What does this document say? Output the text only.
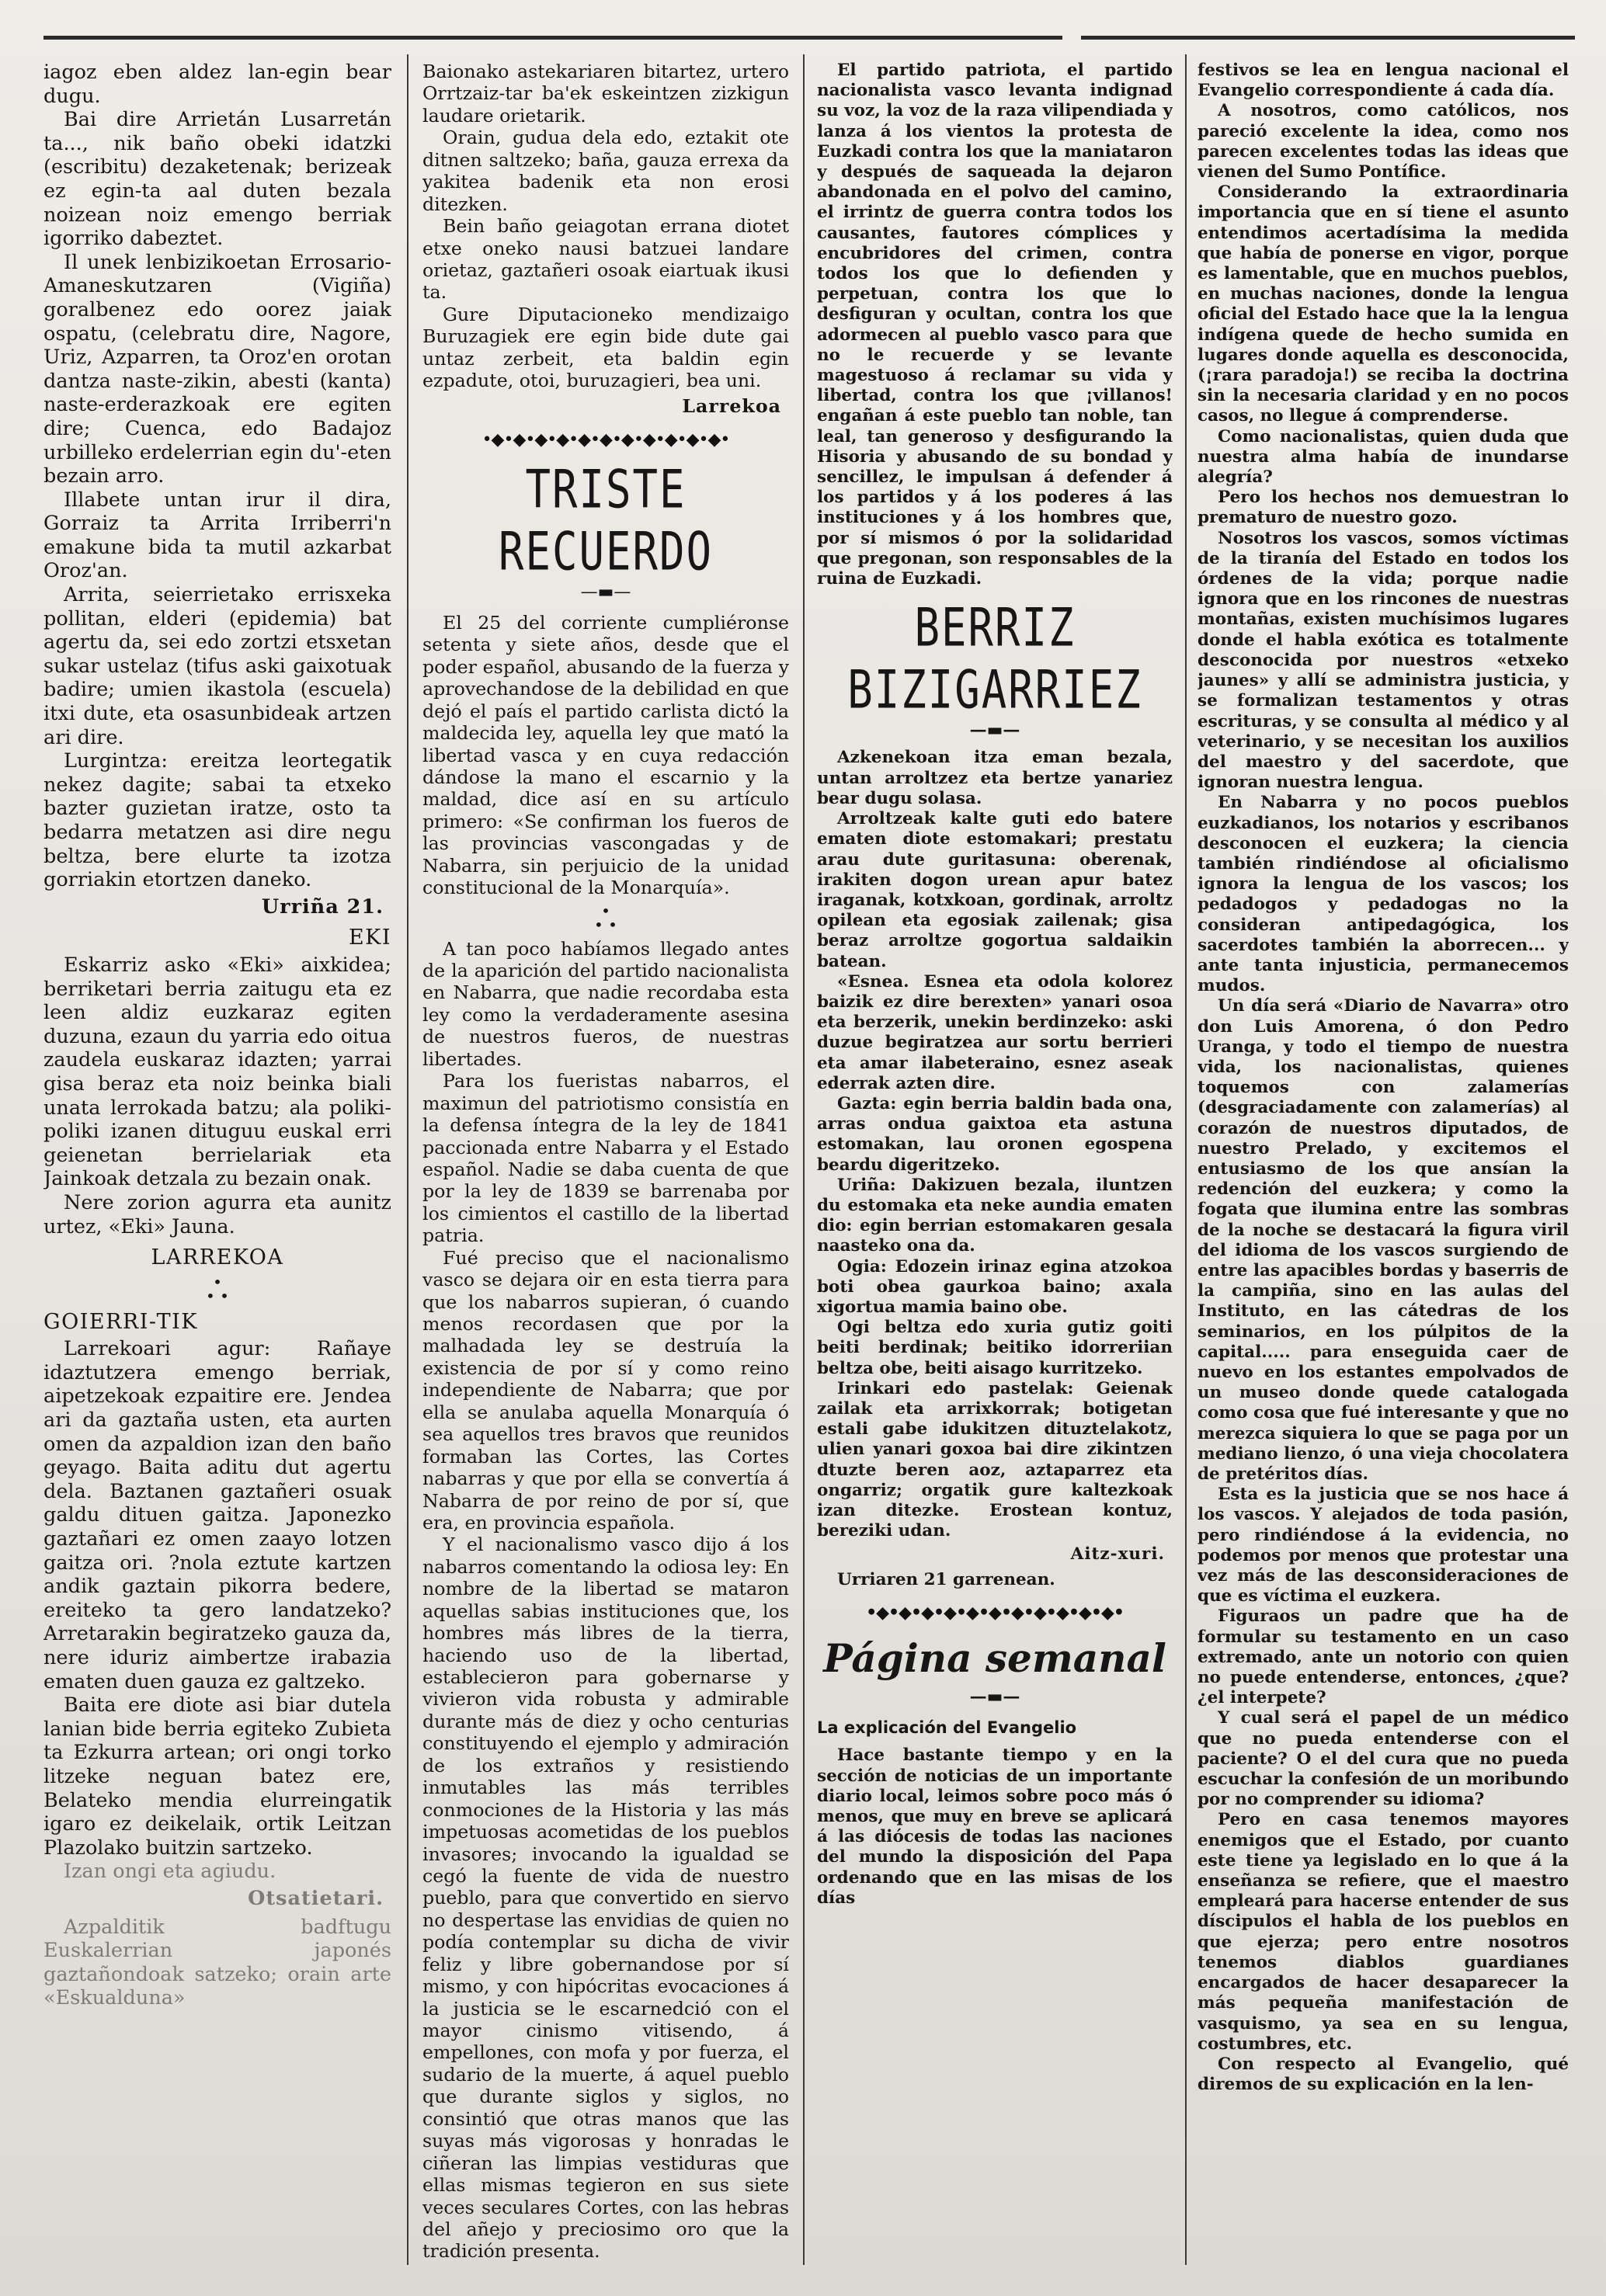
iagoz eben aldez lan-egin bear dugu.
Bai dire Arrietán Lusarretán ta..., nik baño obeki idatzki (escribitu) dezaketenak; berizeak ez egin-ta aal duten bezala noizean noiz emengo berriak igorriko dabeztet.
Il unek lenbizikoetan Errosario-Amaneskutzaren (Vigiña) goralbenez edo oorez jaiak ospatu, (celebratu dire, Nagore, Uriz, Azparren, ta Oroz'en orotan dantza naste-zikin, abesti (kanta) naste-erderazkoak ere egiten dire; Cuenca, edo Badajoz urbilleko erdelerrian egin du'-eten bezain arro.
Illabete untan irur il dira, Gorraiz ta Arrita Irriberri'n emakune bida ta mutil azkarbat Oroz'an.
Arrita, seierrietako errisxeka pollitan, elderi (epidemia) bat agertu da, sei edo zortzi etsxetan sukar ustelaz (tifus aski gaixotuak badire; umien ikastola (escuela) itxi dute, eta osasunbideak artzen ari dire.
Lurgintza: ereitza leortegatik nekez dagite; sabai ta etxeko bazter guzietan iratze, osto ta bedarra metatzen asi dire negu beltza, bere elurte ta izotza gorriakin etortzen daneko.
Urriña 21.
EKI
Eskarriz asko «Eki» aixkidea; berriketari berria zaitugu eta ez leen aldiz euzkaraz egiten duzuna, ezaun du yarria edo oitua zaudela euskaraz idazten; yarrai gisa beraz eta noiz beinka biali unata lerrokada batzu; ala poliki-poliki izanen dituguu euskal erri geienetan berrielariak eta Jainkoak detzala zu bezain onak.
Nere zorion agurra eta aunitz urtez, «Eki» Jauna.
LARREKOA
•
• •
GOIERRI-TIK
Larrekoari agur: Rañaye idaztutzera emengo berriak, aipetzekoak ezpaitire ere. Jendea ari da gaztaña usten, eta aurten omen da azpaldion izan den baño geyago. Baita aditu dut agertu dela. Baztanen gaztañeri osuak galdu dituen gaitza. Japonezko gaztañari ez omen zaayo lotzen gaitza ori. ?nola eztute kartzen andik gaztain pikorra bedere, ereiteko ta gero landatzeko? Arretarakin begiratzeko gauza da, nere iduriz aimbertze irabazia ematen duen gauza ez galtzeko.
Baita ere diote asi biar dutela lanian bide berria egiteko Zubieta ta Ezkurra artean; ori ongi torko litzeke neguan batez ere, Belateko mendia elurreingatik igaro ez deikelaik, ortik Leitzan Plazolako buitzin sartzeko.
Izan ongi eta agiudu.
Otsatietari.
Azpalditik badftugu Euskalerrian japonés gaztañondoak satzeko; orain arte «Eskualduna»
Baionako astekariaren bitartez, urtero Orrtzaiz-tar ba'ek eskeintzen zizkigun laudare orietarik.
Orain, gudua dela edo, eztakit ote ditnen saltzeko; baña, gauza errexa da yakitea badenik eta non erosi ditezken.
Bein baño geiagotan errana diotet etxe oneko nausi batzuei landare orietaz, gaztañeri osoak eiartuak ikusi ta.
Gure Diputacioneko mendizaigo Buruzagiek ere egin bide dute gai untaz zerbeit, eta baldin egin ezpadute, otoi, buruzagieri, bea uni.
Larrekoa
•◆•◆•◆•◆•◆•◆•◆•◆•◆•◆•◆•
TRISTE RECUERDO
—▬—
El 25 del corriente cumpliéronse setenta y siete años, desde que el poder español, abusando de la fuerza y aprovechandose de la debilidad en que dejó el país el partido carlista dictó la maldecida ley, aquella ley que mató la libertad vasca y en cuya redacción dándose la mano el escarnio y la maldad, dice así en su artículo primero: «Se confirman los fueros de las provincias vascongadas y de Nabarra, sin perjuicio de la unidad constitucional de la Monarquía».
•
• •
A tan poco habíamos llegado antes de la aparición del partido nacionalista en Nabarra, que nadie recordaba esta ley como la verdaderamente asesina de nuestros fueros, de nuestras libertades.
Para los fueristas nabarros, el maximun del patriotismo consistía en la defensa íntegra de la ley de 1841 paccionada entre Nabarra y el Estado español. Nadie se daba cuenta de que por la ley de 1839 se barrenaba por los cimientos el castillo de la libertad patria.
Fué preciso que el nacionalismo vasco se dejara oir en esta tierra para que los nabarros supieran, ó cuando menos recordasen que por la malhadada ley se destruía la existencia de por sí y como reino independiente de Nabarra; que por ella se anulaba aquella Monarquía ó sea aquellos tres bravos que reunidos formaban las Cortes, las Cortes nabarras y que por ella se convertía á Nabarra de por reino de por sí, que era, en provincia española.
Y el nacionalismo vasco dijo á los nabarros comentando la odiosa ley: En nombre de la libertad se mataron aquellas sabias instituciones que, los hombres más libres de la tierra, haciendo uso de la libertad, establecieron para gobernarse y vivieron vida robusta y admirable durante más de diez y ocho centurias constituyendo el ejemplo y admiración de los extraños y resistiendo inmutables las más terribles conmociones de la Historia y las más impetuosas acometidas de los pueblos invasores; invocando la igualdad se cegó la fuente de vida de nuestro pueblo, para que convertido en siervo no despertase las envidias de quien no podía contemplar su dicha de vivir feliz y libre gobernandose por sí mismo, y con hipócritas evocaciones á la justicia se le escarnedció con el mayor cinismo vitisendo, á empellones, con mofa y por fuerza, el sudario de la muerte, á aquel pueblo que durante siglos y siglos, no consintió que otras manos que las suyas más vigorosas y honradas le ciñeran las limpias vestiduras que ellas mismas tegieron en sus siete veces seculares Cortes, con las hebras del añejo y preciosimo oro que la tradición presenta.
El partido patriota, el partido nacionalista vasco levanta indignad su voz, la voz de la raza vilipendiada y lanza á los vientos la protesta de Euzkadi contra los que la maniataron y después de saqueada la dejaron abandonada en el polvo del camino, el irrintz de guerra contra todos los causantes, fautores cómplices y encubridores del crimen, contra todos los que lo defienden y perpetuan, contra los que lo desfiguran y ocultan, contra los que adormecen al pueblo vasco para que no le recuerde y se levante magestuoso á reclamar su vida y libertad, contra los que ¡villanos! engañan á este pueblo tan noble, tan leal, tan generoso y desfigurando la Hisoria y abusando de su bondad y sencillez, le impulsan á defender á los partidos y á los poderes á las instituciones y á los hombres que, por sí mismos ó por la solidaridad que pregonan, son responsables de la ruina de Euzkadi.
BERRIZ BIZIGARRIEZ
—▬—
Azkenekoan itza eman bezala, untan arroltzez eta bertze yanariez bear dugu solasa.
Arroltzeak kalte guti edo batere ematen diote estomakari; prestatu arau dute guritasuna: oberenak, irakiten dogon urean apur batez iraganak, kotxkoan, gordinak, arroltz opilean eta egosiak zailenak; gisa beraz arroltze gogortua saldaikin batean.
«Esnea. Esnea eta odola kolorez baizik ez dire berexten» yanari osoa eta berzerik, unekin berdinzeko: aski duzue begiratzea aur sortu berrieri eta amar ilabeteraino, esnez aseak ederrak azten dire.
Gazta: egin berria baldin bada ona, arras ondua gaixtoa eta astuna estomakan, lau oronen egospena beardu digeritzeko.
Uriña: Dakizuen bezala, iluntzen du estomaka eta neke aundia ematen dio: egin berrian estomakaren gesala naasteko ona da.
Ogia: Edozein irinaz egina atzokoa boti obea gaurkoa baino; axala xigortua mamia baino obe.
Ogi beltza edo xuria gutiz goiti beiti berdinak; beitiko idorreriian beltza obe, beiti aisago kurritzeko.
Irinkari edo pastelak: Geienak zailak eta arrixkorrak; botigetan estali gabe idukitzen dituztelakotz, ulien yanari goxoa bai dire zikintzen dtuzte beren aoz, aztaparrez eta ongarriz; orgatik gure kaltezkoak izan ditezke. Erostean kontuz, bereziki udan.
Aitz-xuri.
Urriaren 21 garrenean.
•◆•◆•◆•◆•◆•◆•◆•◆•◆•◆•◆•
Página semanal
—▬—
La explicación del Evangelio
Hace bastante tiempo y en la sección de noticias de un importante diario local, leimos sobre poco más ó menos, que muy en breve se aplicará á las diócesis de todas las naciones del mundo la disposición del Papa ordenando que en las misas de los días
festivos se lea en lengua nacional el Evangelio correspondiente á cada día.
A nosotros, como católicos, nos pareció excelente la idea, como nos parecen excelentes todas las ideas que vienen del Sumo Pontífice.
Considerando la extraordinaria importancia que en sí tiene el asunto entendimos acertadísima la medida que había de ponerse en vigor, porque es lamentable, que en muchos pueblos, en muchas naciones, donde la lengua oficial del Estado hace que la la lengua indígena quede de hecho sumida en lugares donde aquella es desconocida, (¡rara paradoja!) se reciba la doctrina sin la necesaria claridad y en no pocos casos, no llegue á comprenderse.
Como nacionalistas, quien duda que nuestra alma había de inundarse alegría?
Pero los hechos nos demuestran lo prematuro de nuestro gozo.
Nosotros los vascos, somos víctimas de la tiranía del Estado en todos los órdenes de la vida; porque nadie ignora que en los rincones de nuestras montañas, existen muchísimos lugares donde el habla exótica es totalmente desconocida por nuestros «etxeko jaunes» y allí se administra justicia, y se formalizan testamentos y otras escrituras, y se consulta al médico y al veterinario, y se necesitan los auxilios del maestro y del sacerdote, que ignoran nuestra lengua.
En Nabarra y no pocos pueblos euzkadianos, los notarios y escribanos desconocen el euzkera; la ciencia también rindiéndose al oficialismo ignora la lengua de los vascos; los pedadogos y pedadogas no la consideran antipedagógica, los sacerdotes también la aborrecen... y ante tanta injusticia, permanecemos mudos.
Un día será «Diario de Navarra» otro don Luis Amorena, ó don Pedro Uranga, y todo el tiempo de nuestra vida, los nacionalistas, quienes toquemos con zalamerías (desgraciadamente con zalamerías) al corazón de nuestros diputados, de nuestro Prelado, y excitemos el entusiasmo de los que ansían la redención del euzkera; y como la fogata que ilumina entre las sombras de la noche se destacará la figura viril del idioma de los vascos surgiendo de entre las apacibles bordas y baserris de la campiña, sino en las aulas del Instituto, en las cátedras de los seminarios, en los púlpitos de la capital..... para enseguida caer de nuevo en los estantes empolvados de un museo donde quede catalogada como cosa que fué interesante y que no merezca siquiera lo que se paga por un mediano lienzo, ó una vieja chocolatera de pretéritos días.
Esta es la justicia que se nos hace á los vascos. Y alejados de toda pasión, pero rindiéndose á la evidencia, no podemos por menos que protestar una vez más de las desconsideraciones de que es víctima el euzkera.
Figuraos un padre que ha de formular su testamento en un caso extremado, ante un notorio con quien no puede entenderse, entonces, ¿que? ¿el interpete?
Y cual será el papel de un médico que no pueda entenderse con el paciente? O el del cura que no pueda escuchar la confesión de un moribundo por no comprender su idioma?
Pero en casa tenemos mayores enemigos que el Estado, por cuanto este tiene ya legislado en lo que á la enseñanza se refiere, que el maestro empleará para hacerse entender de sus díscipulos el habla de los pueblos en que ejerza; pero entre nosotros tenemos diablos guardianes encargados de hacer desaparecer la más pequeña manifestación de vasquismo, ya sea en su lengua, costumbres, etc.
Con respecto al Evangelio, qué diremos de su explicación en la len-
